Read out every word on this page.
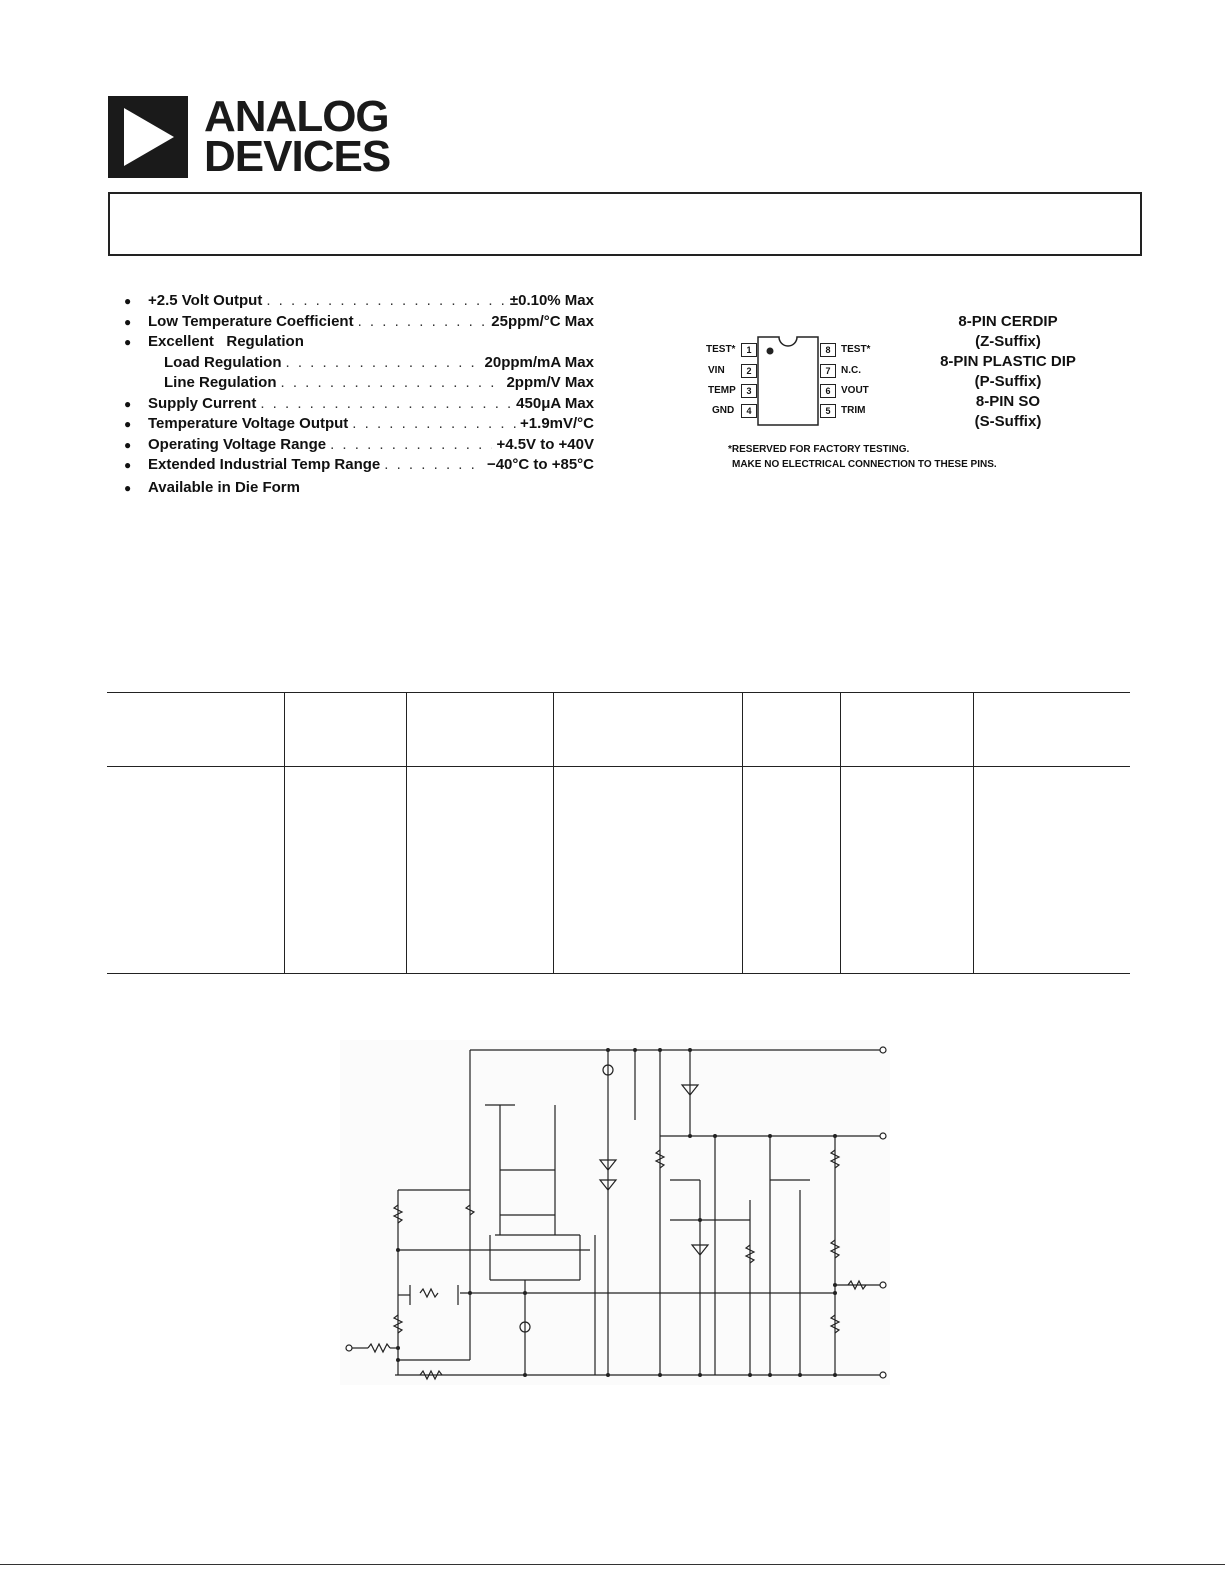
ANALOG
DEVICES
●	+2.5 Volt Output . . .	±0.10% Max
●	Low Temperature Coefficient . . .	25ppm/°C Max
●	Excellent   Regulation
Load Regulation . . .	20ppm/mA Max
Line Regulation . . .	2ppm/V Max
●	Supply Current . . .	450μA Max
●	Temperature Voltage Output . . .	+1.9mV/°C
●	Operating Voltage Range . . .	+4.5V to +40V
●	Extended Industrial Temp Range . . .	−40°C to +85°C
●	Available in Die Form
TEST*	1
VIN	2
TEMP	3
GND	4
8	TEST*
7	N.C.
6	VOUT
5	TRIM
*RESERVED FOR FACTORY TESTING.
MAKE NO ELECTRICAL CONNECTION TO THESE PINS.
8-PIN CERDIP
(Z-Suffix)
8-PIN PLASTIC DIP
(P-Suffix)
8-PIN SO
(S-Suffix)
